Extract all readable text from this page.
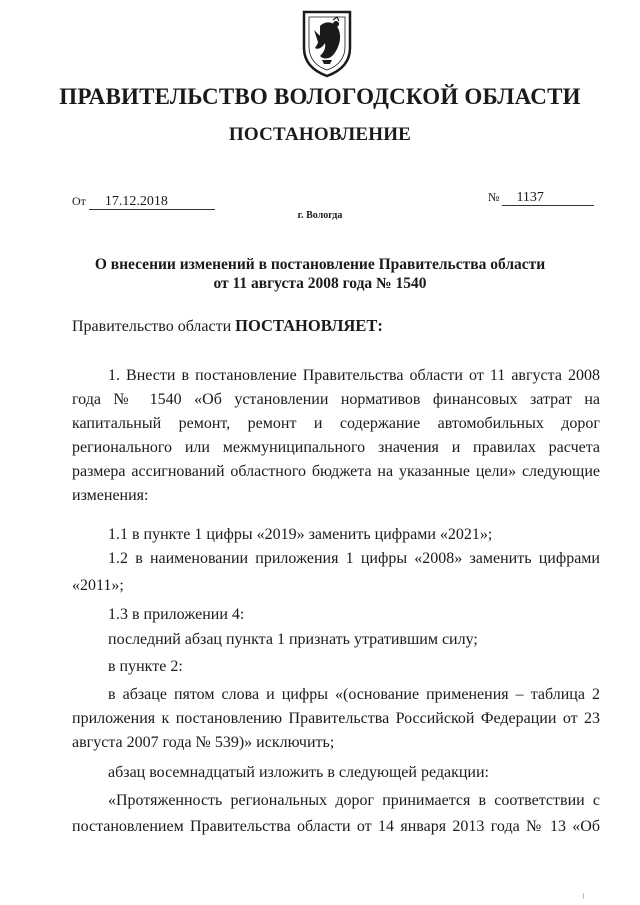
ПРАВИТЕЛЬСТВО ВОЛОГОДСКОЙ ОБЛАСТИ
ПОСТАНОВЛЕНИЕ
От 17.12.2018	№ 1137
г. Вологда
О внесении изменений в постановление Правительства области
от 11 августа 2008 года № 1540
Правительство области ПОСТАНОВЛЯЕТ:
1. Внести в постановление Правительства области от 11 августа 2008 года № 1540 «Об установлении нормативов финансовых затрат на капитальный ремонт, ремонт и содержание автомобильных дорог регионального или межмуниципального значения и правилах расчета размера ассигнований областного бюджета на указанные цели» следующие изменения:
1.1 в пункте 1 цифры «2019» заменить цифрами «2021»;
1.2 в наименовании приложения 1 цифры «2008» заменить цифрами
«2011»;
1.3 в приложении 4:
последний абзац пункта 1 признать утратившим силу;
в пункте 2:
в абзаце пятом слова и цифры «(основание применения – таблица 2 приложения к постановлению Правительства Российской Федерации от 23 августа 2007 года № 539)» исключить;
абзац восемнадцатый изложить в следующей редакции:
«Протяженность региональных дорог принимается в соответствии с
постановлением Правительства области от 14 января 2013 года № 13 «Об
